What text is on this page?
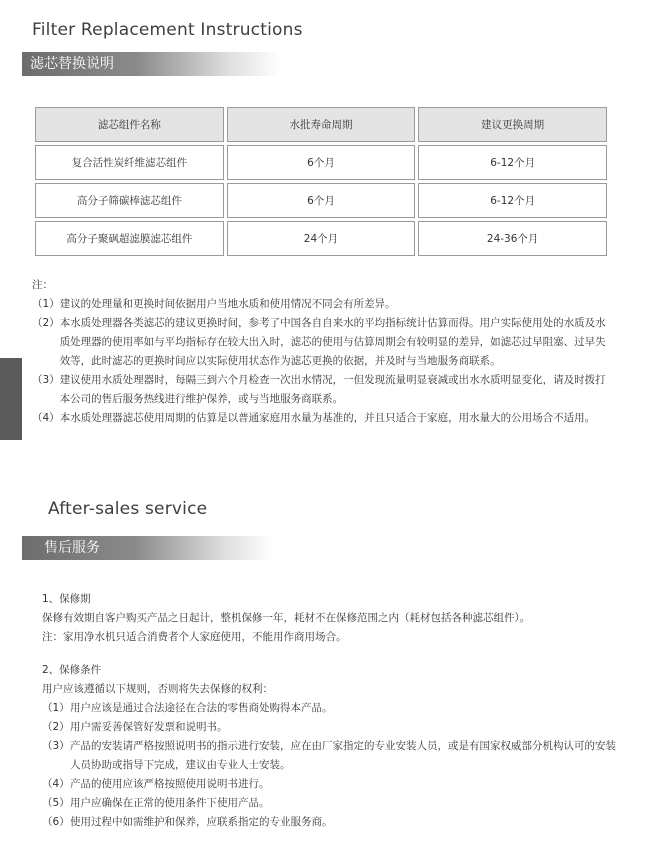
Filter Replacement Instructions
滤芯替换说明
滤芯组件名称	水批寿命周期	建议更换周期
复合活性炭纤维滤芯组件	6个月	6-12个月
高分子筛碳棒滤芯组件	6个月	6-12个月
高分子聚砜超滤膜滤芯组件	24个月	24-36个月
注：
（1） 建议的处理量和更换时间依据用户当地水质和使用情况不同会有所差异。
（2） 本水质处理器各类滤芯的建议更换时间，参考了中国各自自来水的平均指标统计估算而得。用户实际使用处的水质及水质处理器的使用率如与平均指标存在较大出入时，滤芯的使用与估算周期会有较明显的差异，如滤芯过早阻塞、过早失效等，此时滤芯的更换时间应以实际使用状态作为滤芯更换的依据，并及时与当地服务商联系。
（3） 建议使用水质处理器时，每隔三到六个月检查一次出水情况，一但发现流量明显衰减或出水水质明显变化，请及时拨打本公司的售后服务热线进行维护保养，或与当地服务商联系。
（4） 本水质处理器滤芯使用周期的估算是以普通家庭用水量为基准的，并且只适合于家庭，用水量大的公用场合不适用。
After-sales service
售后服务
1、保修期
保修有效期自客户购买产品之日起计，整机保修一年，耗材不在保修范围之内（耗材包括各种滤芯组件）。
注：家用净水机只适合消费者个人家庭使用，不能用作商用场合。
2、保修条件
用户应该遵循以下规则，否则将失去保修的权利：
（1） 用户应该是通过合法途径在合法的零售商处购得本产品。
（2） 用户需妥善保管好发票和说明书。
（3） 产品的安装请严格按照说明书的指示进行安装，应在由厂家指定的专业安装人员，或是有国家权威部分机构认可的安装人员协助或指导下完成，建议由专业人士安装。
（4） 产品的使用应该严格按照使用说明书进行。
（5） 用户应确保在正常的使用条件下使用产品。
（6） 使用过程中如需维护和保养，应联系指定的专业服务商。
